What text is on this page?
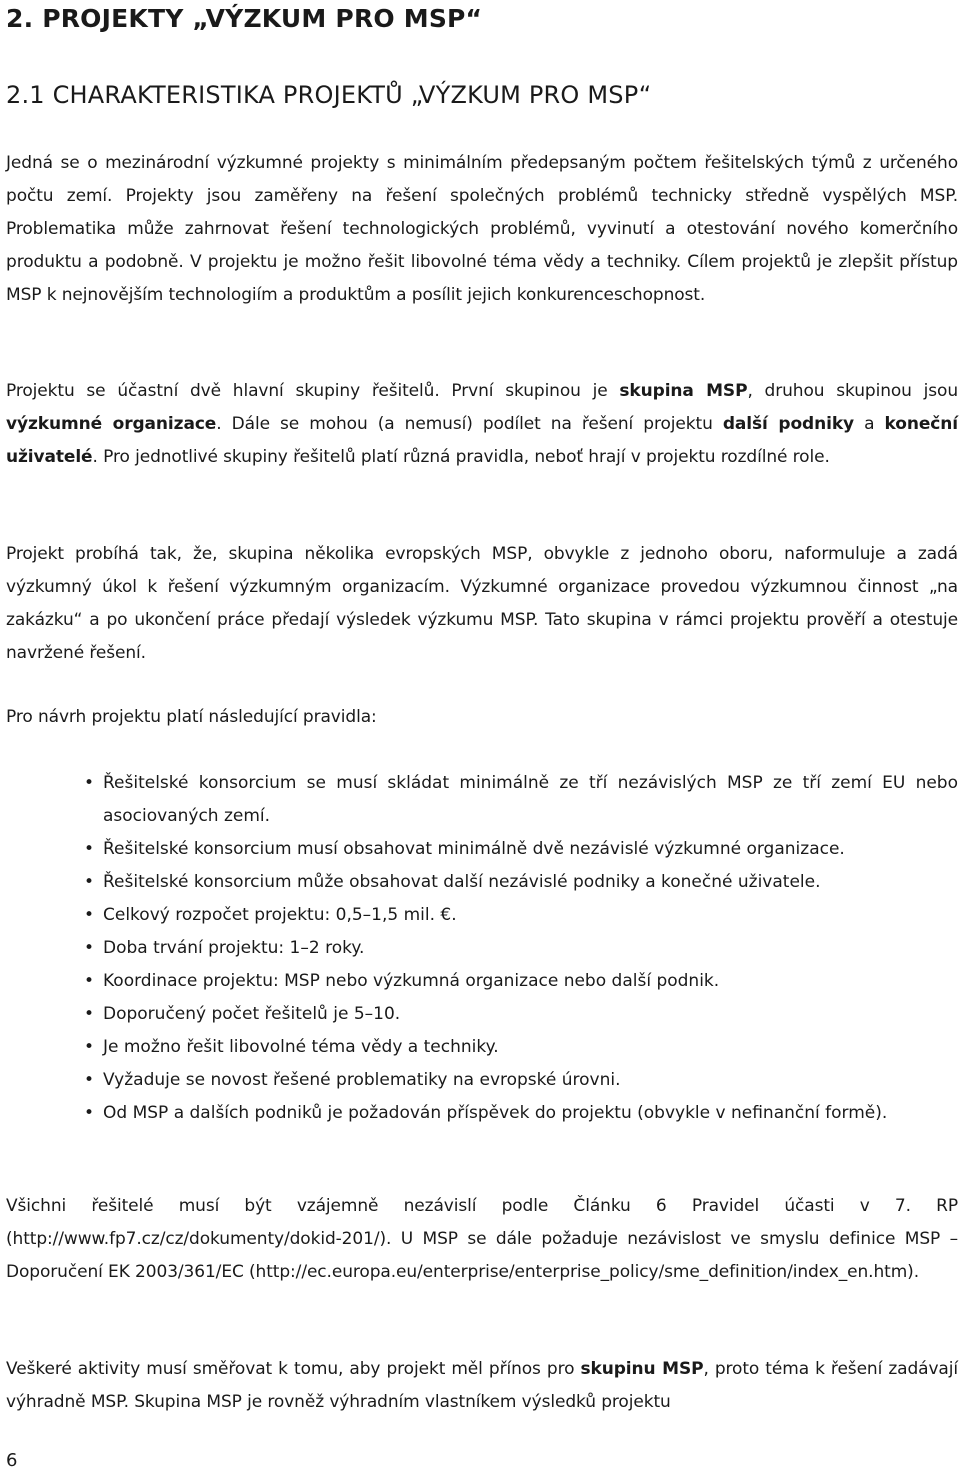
2. PROJEKTY „VÝZKUM PRO MSP“
2.1 CHARAKTERISTIKA PROJEKTŮ „VÝZKUM PRO MSP“

Jedná se o mezinárodní výzkumné projekty s minimálním předepsaným počtem řešitelských týmů z určeného počtu zemí. Projekty jsou zaměřeny na řešení společných problémů technicky středně vyspělých MSP. Problematika může zahrnovat řešení technologických problémů, vyvinutí a otestování nového komerčního produktu a podobně. V projektu je možno řešit libovolné téma vědy a techniky. Cílem projektů je zlepšit přístup MSP k nejnovějším technologiím a produktům a posílit jejich konkurenceschopnost.

Projektu se účastní dvě hlavní skupiny řešitelů. První skupinou je skupina MSP, druhou skupinou jsou výzkumné organizace. Dále se mohou (a nemusí) podílet na řešení projektu další podniky a koneční uživatelé. Pro jednotlivé skupiny řešitelů platí různá pravidla, neboť hrají v projektu rozdílné role.

Projekt probíhá tak, že, skupina několika evropských MSP, obvykle z jednoho oboru, naformuluje a zadá výzkumný úkol k řešení výzkumným organizacím. Výzkumné organizace provedou výzkumnou činnost „na zakázku“ a po ukončení práce předají výsledek výzkumu MSP. Tato skupina v rámci projektu prověří a otestuje navržené řešení.

Pro návrh projektu platí následující pravidla:

• Řešitelské konsorcium se musí skládat minimálně ze tří nezávislých MSP ze tří zemí EU nebo asociovaných zemí.
• Řešitelské konsorcium musí obsahovat minimálně dvě nezávislé výzkumné organizace.
• Řešitelské konsorcium může obsahovat další nezávislé podniky a konečné uživatele.
• Celkový rozpočet projektu: 0,5–1,5 mil. €.
• Doba trvání projektu: 1–2 roky.
• Koordinace projektu: MSP nebo výzkumná organizace nebo další podnik.
• Doporučený počet řešitelů je 5–10.
• Je možno řešit libovolné téma vědy a techniky.
• Vyžaduje se novost řešené problematiky na evropské úrovni.
• Od MSP a dalších podniků je požadován příspěvek do projektu (obvykle v nefinanční formě).

Všichni řešitelé musí být vzájemně nezávislí podle Článku 6 Pravidel účasti v 7. RP (http://www.fp7.cz/cz/dokumenty/dokid-201/). U MSP se dále požaduje nezávislost ve smyslu definice MSP – Doporučení EK 2003/361/EC (http://ec.europa.eu/enterprise/enterprise_policy/sme_definition/index_en.htm).

Veškeré aktivity musí směřovat k tomu, aby projekt měl přínos pro skupinu MSP, proto téma k řešení zadávají výhradně MSP. Skupina MSP je rovněž výhradním vlastníkem výsledků projektu

6
